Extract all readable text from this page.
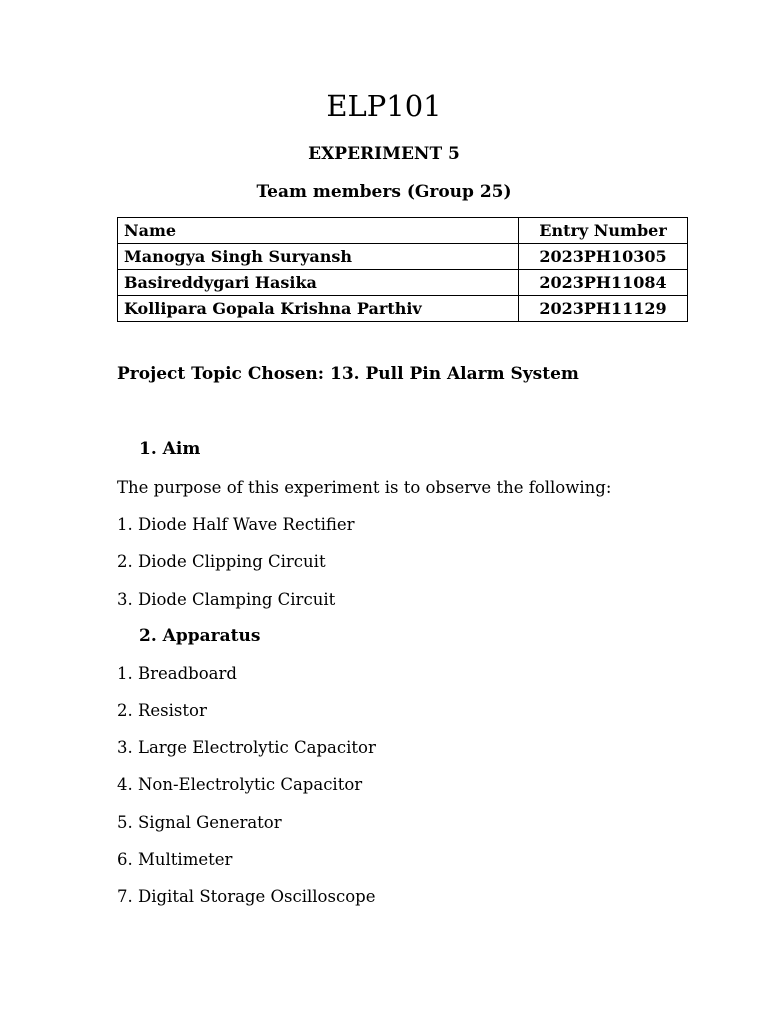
ELP101
EXPERIMENT 5
Team members (Group 25)
Name	Entry Number
Manogya Singh Suryansh	2023PH10305
Basireddygari Hasika	2023PH11084
Kollipara Gopala Krishna Parthiv	2023PH11129
Project Topic Chosen: 13. Pull Pin Alarm System
1. Aim
The purpose of this experiment is to observe the following:
1. Diode Half Wave Rectifier
2. Diode Clipping Circuit
3. Diode Clamping Circuit
2. Apparatus
1. Breadboard
2. Resistor
3. Large Electrolytic Capacitor
4. Non-Electrolytic Capacitor
5. Signal Generator
6. Multimeter
7. Digital Storage Oscilloscope
